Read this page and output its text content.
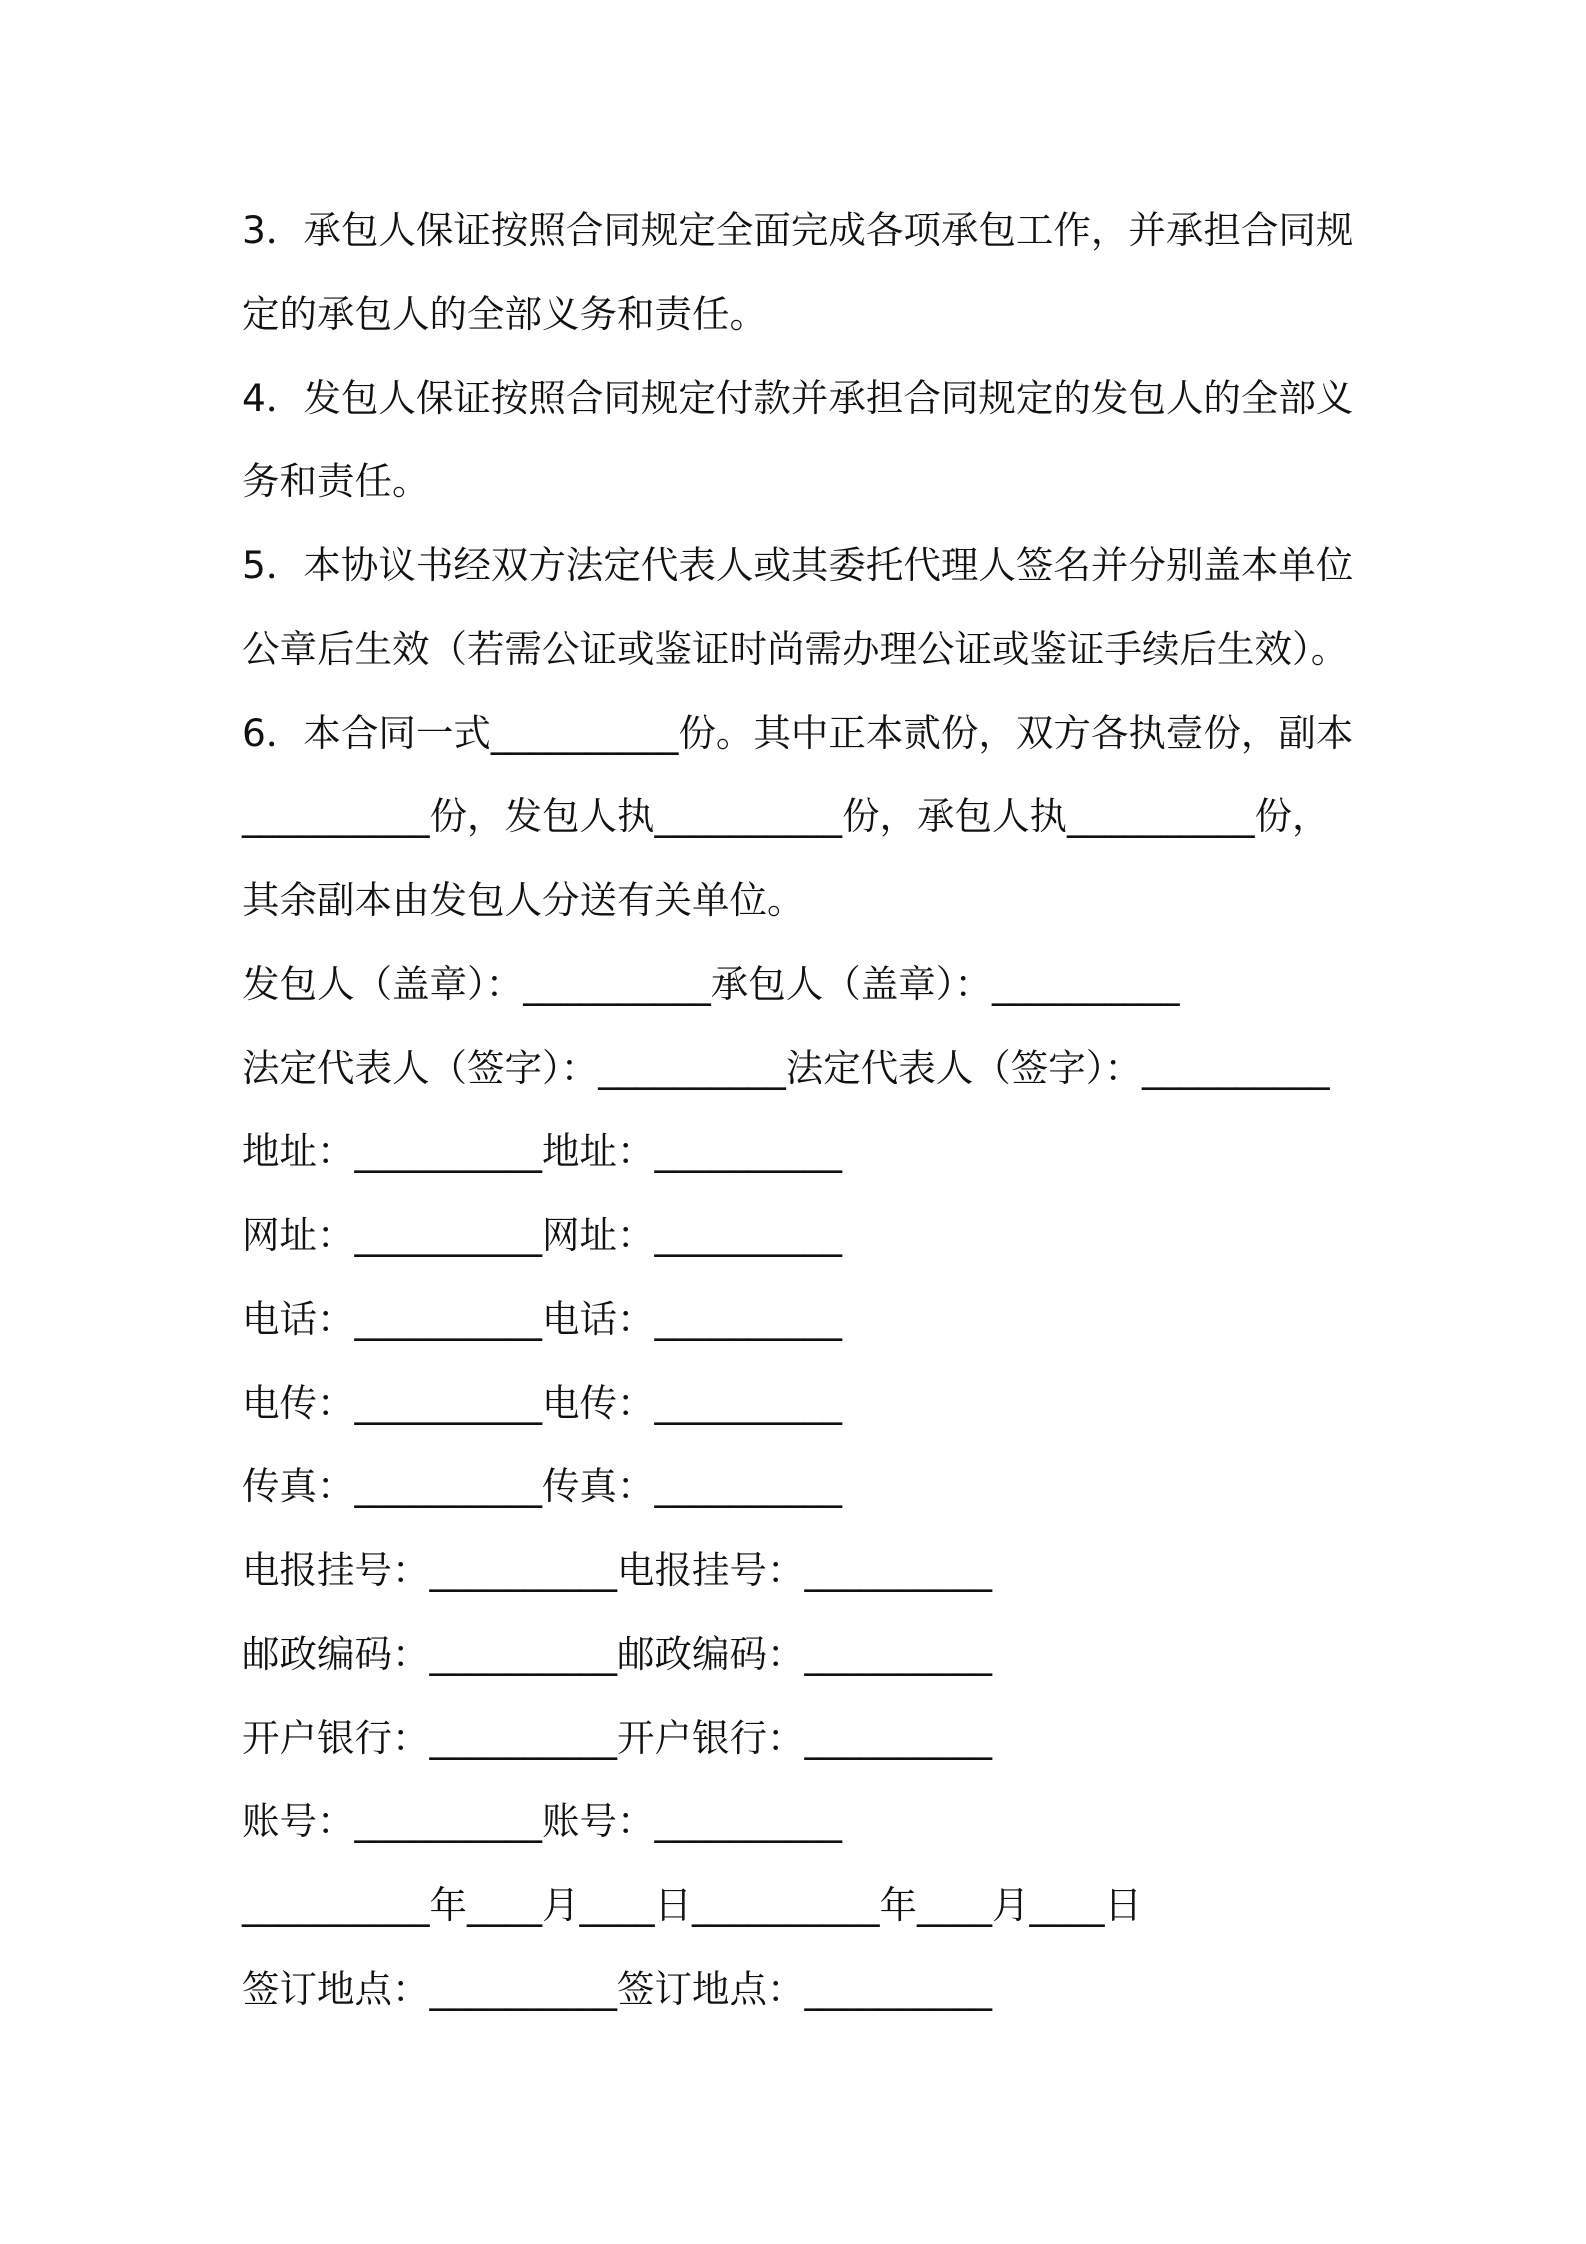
3．承包人保证按照合同规定全面完成各项承包工作，并承担合同规
定的承包人的全部义务和责任。
4．发包人保证按照合同规定付款并承担合同规定的发包人的全部义
务和责任。
5．本协议书经双方法定代表人或其委托代理人签名并分别盖本单位
公章后生效（若需公证或鉴证时尚需办理公证或鉴证手续后生效）。
6．本合同一式__________份。其中正本贰份，双方各执壹份，副本
__________份，发包人执__________份，承包人执__________份，
其余副本由发包人分送有关单位。
发包人（盖章）：__________承包人（盖章）：__________
法定代表人（签字）：__________法定代表人（签字）：__________
地址：__________地址：__________
网址：__________网址：__________
电话：__________电话：__________
电传：__________电传：__________
传真：__________传真：__________
电报挂号：__________电报挂号：__________
邮政编码：__________邮政编码：__________
开户银行：__________开户银行：__________
账号：__________账号：__________
__________年____月____日__________年____月____日
签订地点：__________签订地点：__________
